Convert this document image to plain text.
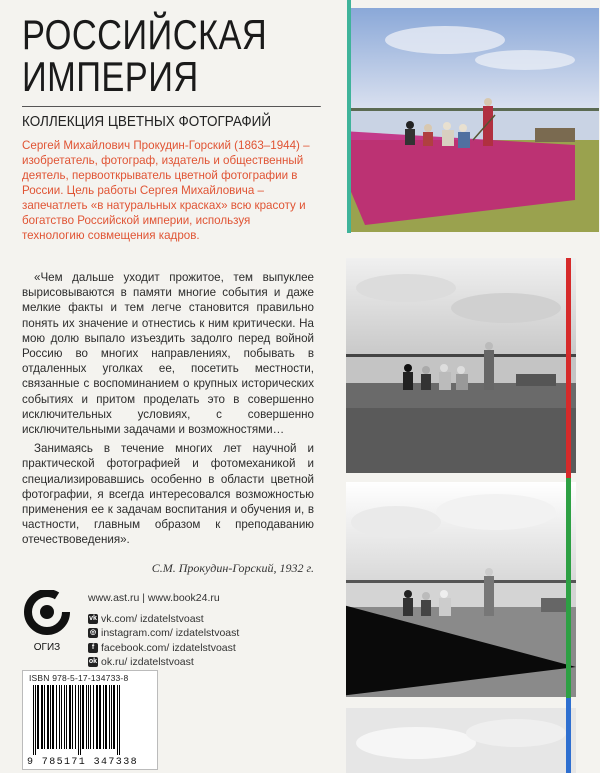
РОССИЙСКАЯ
ИМПЕРИЯ
КОЛЛЕКЦИЯ ЦВЕТНЫХ ФОТОГРАФИЙ
Сергей Михайлович Прокудин-Горский (1863–1944) – изобретатель, фотограф, издатель и общественный деятель, первооткрыватель цветной фотографии в России. Цель работы Сергея Михайловича – запечатлеть «в натуральных красках» всю красоту и богатство Российской империи, используя технологию совмещения кадров.

«Чем дальше уходит прожитое, тем выпуклее вырисовываются в памяти многие события и даже мелкие факты и тем легче становится правильно понять их значение и отнестись к ним критически. На мою долю выпало изъездить задолго перед войной Россию во многих направлениях, побывать в отдаленных уголках ее, посетить местности, связанные с воспоминанием о крупных исторических событиях и притом проделать это в совершенно исключительных условиях, с совершенно исключительными задачами и возможностями…

Занимаясь в течение многих лет научной и практической фотографией и фотомеханикой и специализировавшись особенно в области цветной фотографии, я всегда интересовался возможностью применения ее к задачам воспитания и обучения и, в частности, главным образом к преподаванию отечествоведения».

С.М. Прокудин-Горский, 1932 г.
ОГИЗ
www.ast.ru | www.book24.ru
vk vk.com/ izdatelstvoast
◎ instagram.com/ izdatelstvoast
f facebook.com/ izdatelstvoast
ok ok.ru/ izdatelstvoast
ISBN 978-5-17-134733-8
9 785171 347338
